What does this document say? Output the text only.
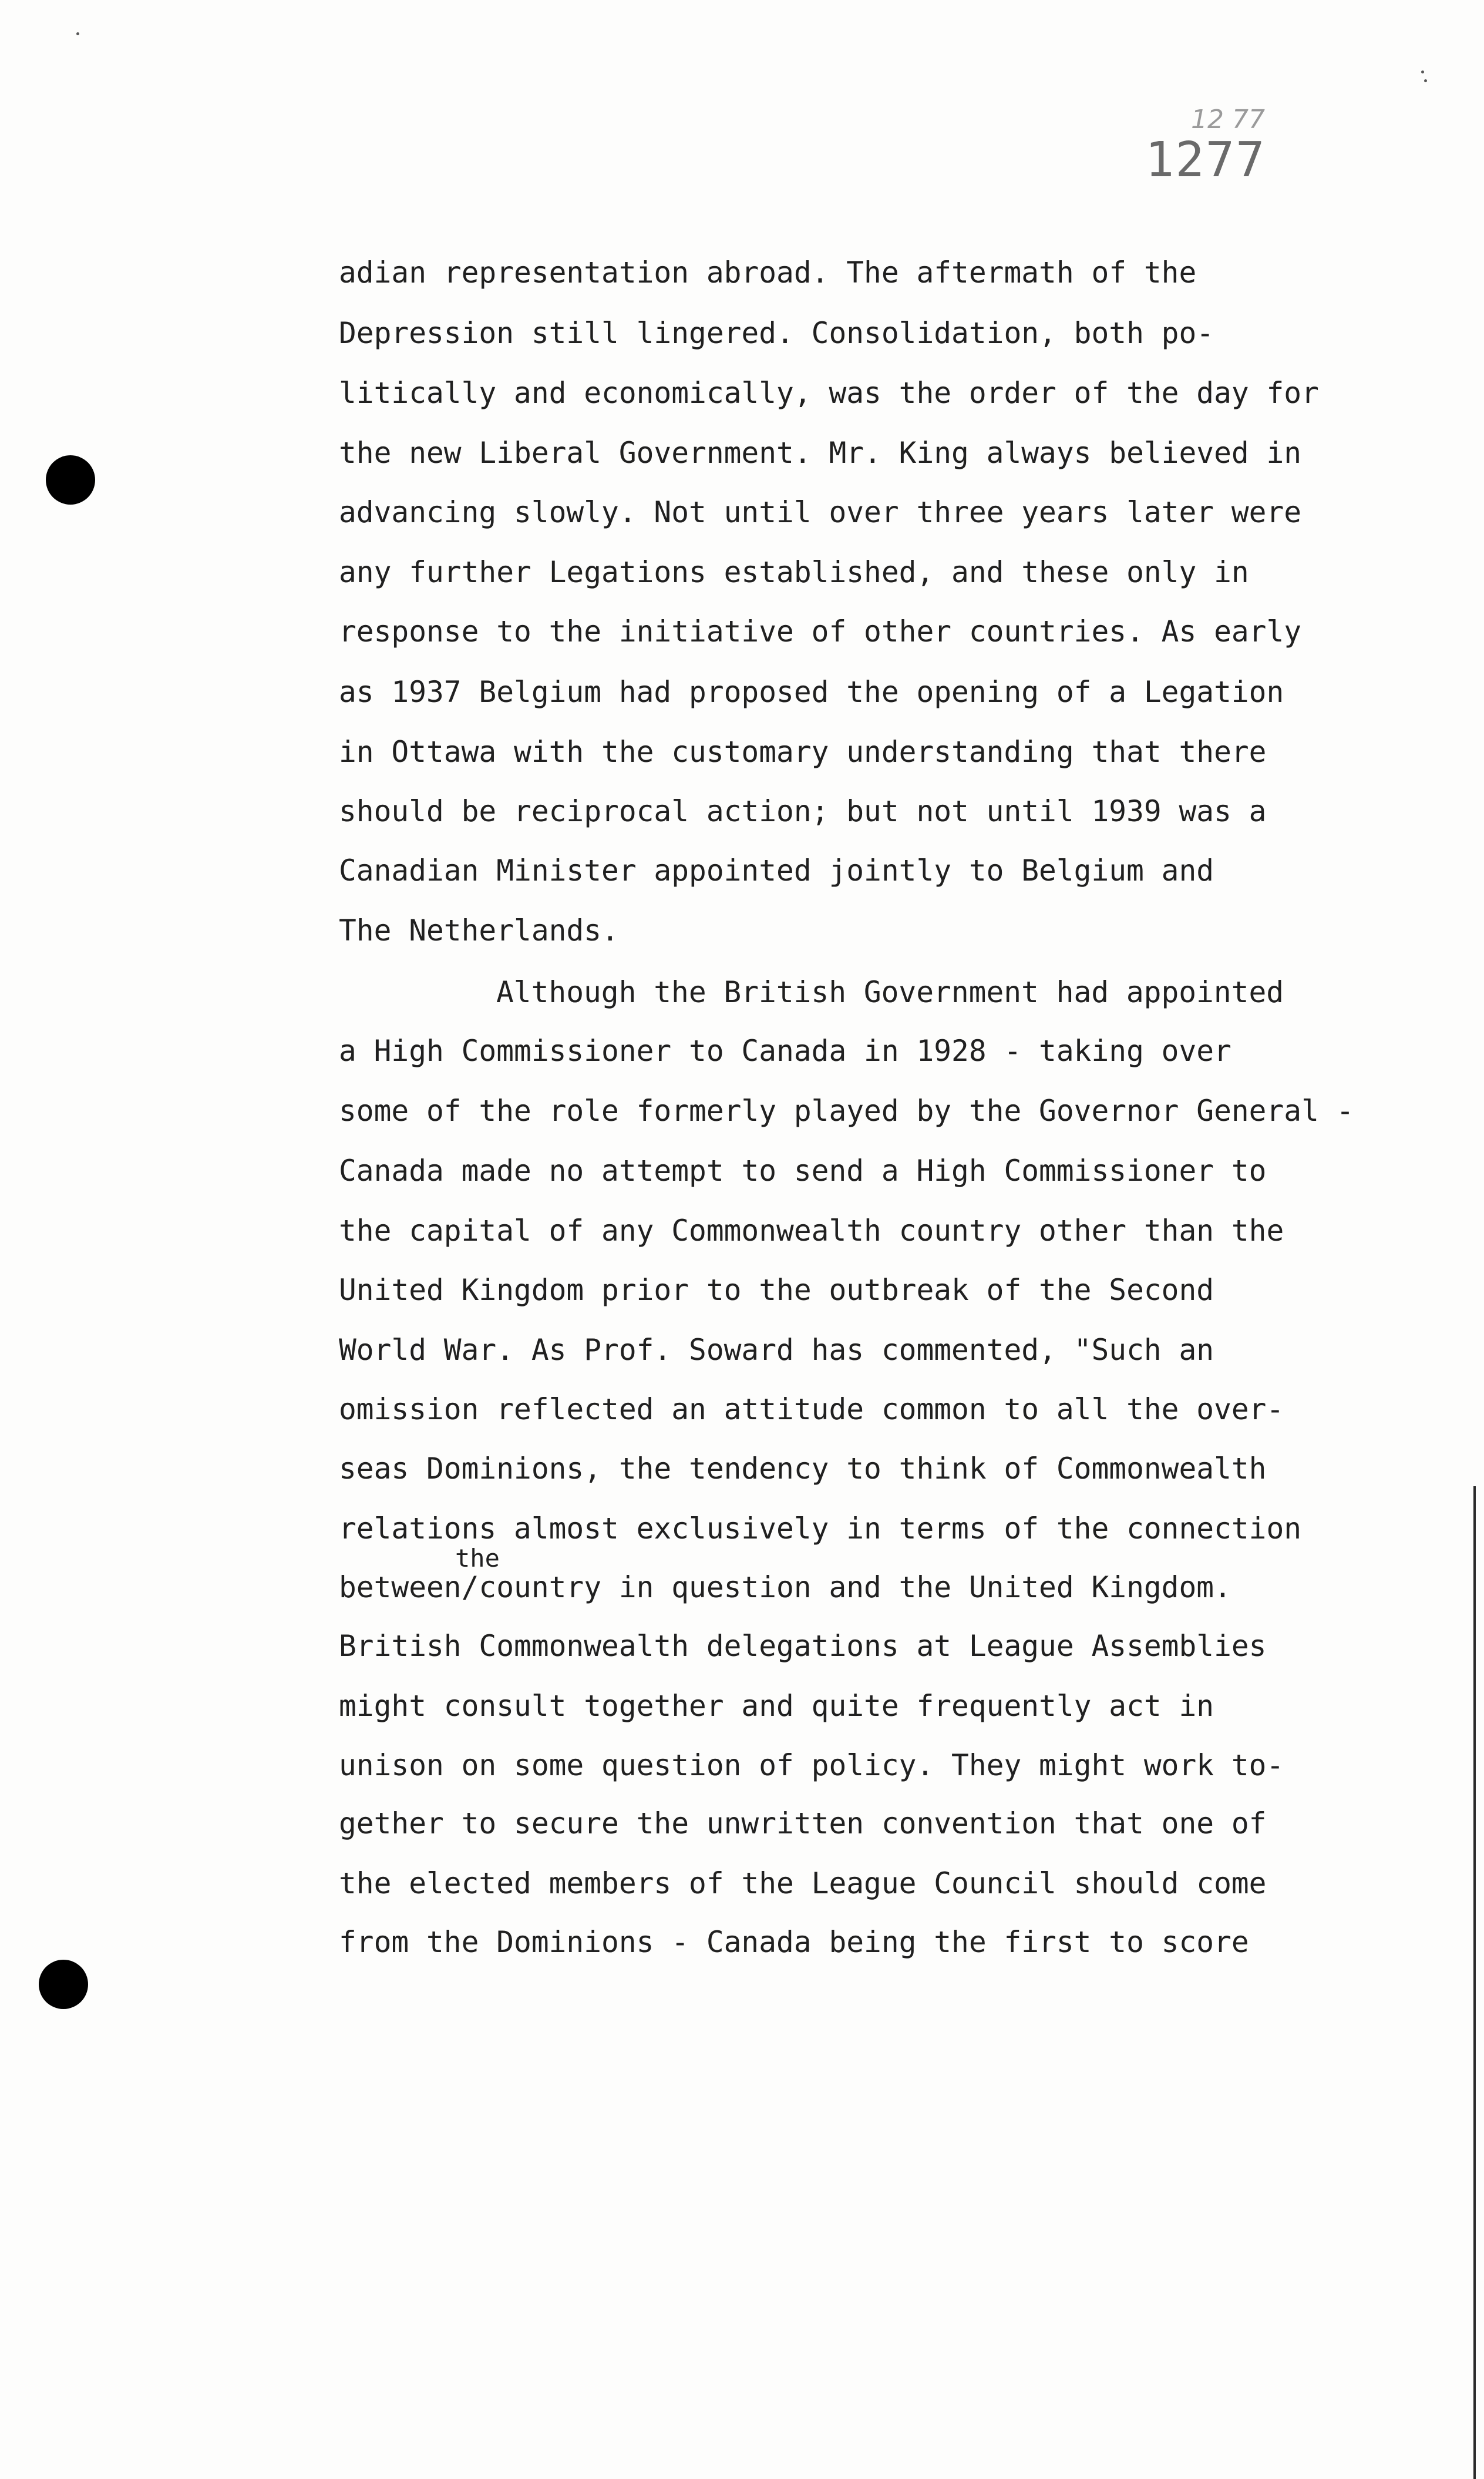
12 77
1277
adian representation abroad. The aftermath of the
Depression still lingered. Consolidation, both po-
litically and economically, was the order of the day for
the new Liberal Government. Mr. King always believed in
advancing slowly. Not until over three years later were
any further Legations established, and these only in
response to the initiative of other countries. As early
as 1937 Belgium had proposed the opening of a Legation
in Ottawa with the customary understanding that there
should be reciprocal action; but not until 1939 was a
Canadian Minister appointed jointly to Belgium and
The Netherlands.
Although the British Government had appointed
a High Commissioner to Canada in 1928 - taking over
some of the role formerly played by the Governor General -
Canada made no attempt to send a High Commissioner to
the capital of any Commonwealth country other than the
United Kingdom prior to the outbreak of the Second
World War. As Prof. Soward has commented, "Such an
omission reflected an attitude common to all the over-
seas Dominions, the tendency to think of Commonwealth
relations almost exclusively in terms of the connection
the
between/country in question and the United Kingdom.
British Commonwealth delegations at League Assemblies
might consult together and quite frequently act in
unison on some question of policy. They might work to-
gether to secure the unwritten convention that one of
the elected members of the League Council should come
from the Dominions - Canada being the first to score
